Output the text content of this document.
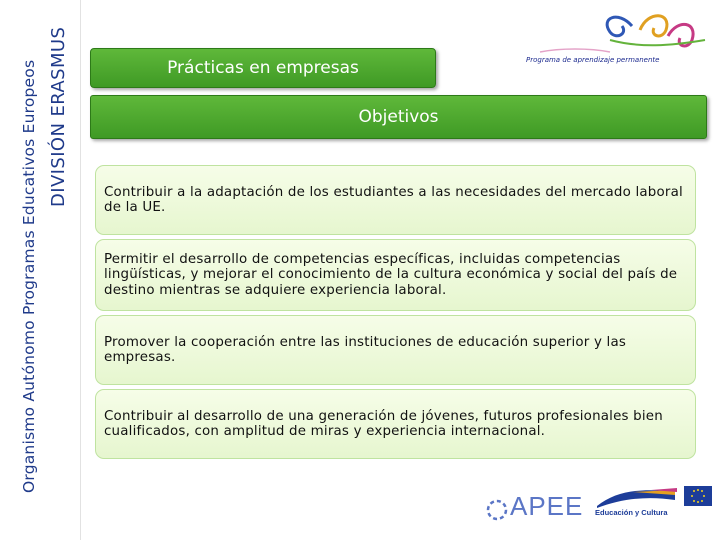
Organismo Autónomo Programas Educativos Europeos DIVISIÓN ERASMUS	Programa de aprendizaje permanente
Prácticas en empresas
Objetivos
Contribuir a la adaptación de los estudiantes a las necesidades del mercado laboral de la UE.
Permitir el desarrollo de competencias específicas, incluidas competencias lingüísticas, y mejorar el conocimiento de la cultura económica y social del país de destino mientras se adquiere experiencia laboral.
Promover la cooperación entre las instituciones de educación superior y las empresas.
Contribuir al desarrollo de una generación de jóvenes, futuros profesionales bien cualificados, con amplitud de miras y experiencia internacional.
APEE Educación y Cultura
